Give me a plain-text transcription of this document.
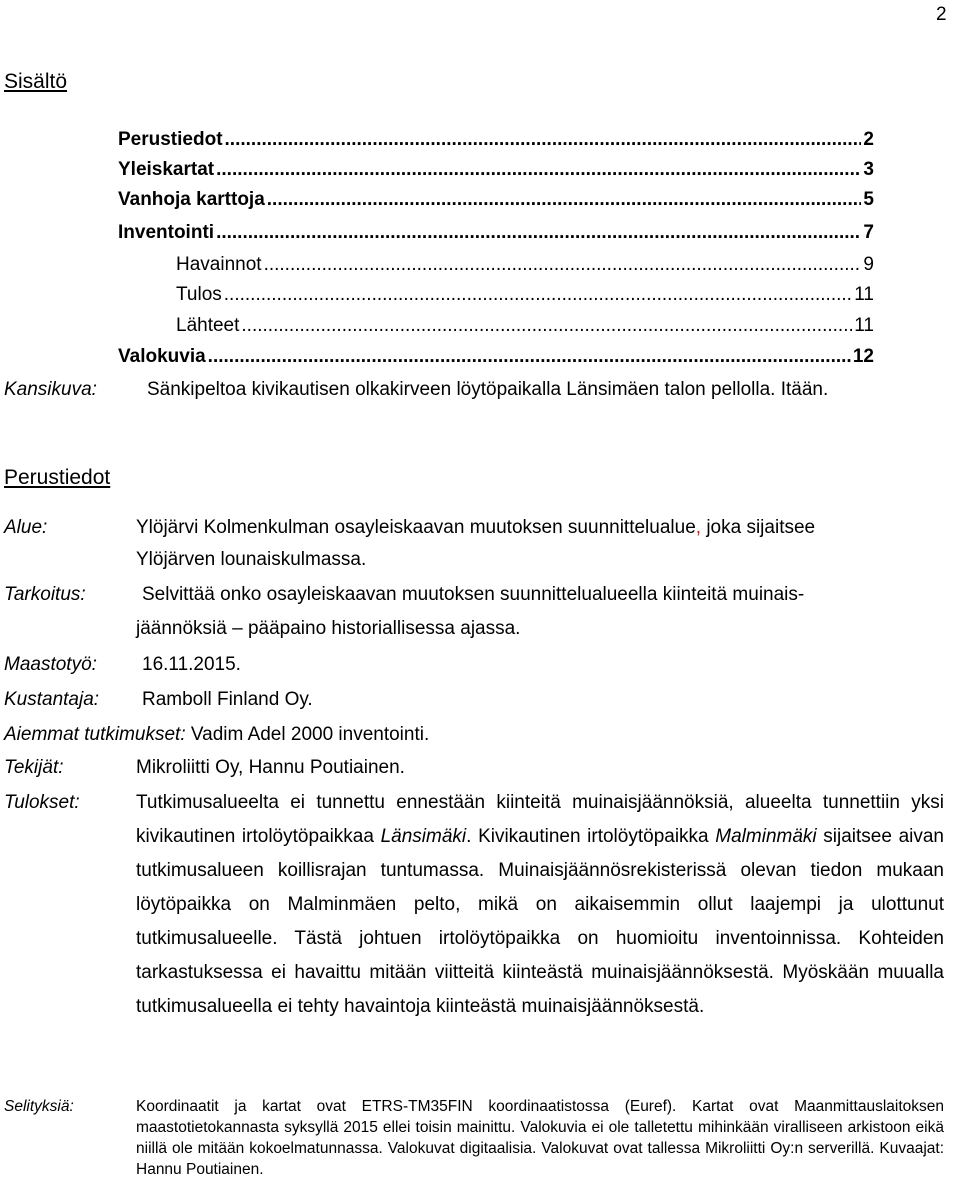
2
Sisältö
Perustiedot .....	2
Yleiskartat .....	3
Vanhoja karttoja .....	5
Inventointi .....	7
Havainnot .....	9
Tulos .....	11
Lähteet .....	11
Valokuvia .....	12
Kansikuva:	Sänkipeltoa kivikautisen olkakirveen löytöpaikalla Länsimäen talon pellolla. Itään.
Perustiedot
Alue:	Ylöjärvi Kolmenkulman osayleiskaavan muutoksen suunnittelualue, joka sijaitsee
Ylöjärven lounaiskulmassa.
Tarkoitus:	Selvittää onko osayleiskaavan muutoksen suunnittelualueella kiinteitä muinais-
jäännöksiä – pääpaino historiallisessa ajassa.
Maastotyö: 16.11.2015.
Kustantaja: Ramboll Finland Oy.
Aiemmat tutkimukset: Vadim Adel 2000 inventointi.
Tekijät:	Mikroliitti Oy, Hannu Poutiainen.
Tulokset:	Tutkimusalueelta ei tunnettu ennestään kiinteitä muinaisjäännöksiä, alueelta tunnettiin yksi kivikautinen irtolöytöpaikkaa Länsimäki. Kivikautinen irtolöytöpaikka Malminmäki sijaitsee aivan tutkimusalueen koillisrajan tuntumassa. Muinaisjäännösrekisterissä olevan tiedon mukaan löytöpaikka on Malminmäen pelto, mikä on aikaisemmin ollut laajempi ja ulottunut tutkimusalueelle. Tästä johtuen irtolöytöpaikka on huomioitu inventoinnissa. Kohteiden tarkastuksessa ei havaittu mitään viitteitä kiinteästä muinaisjäännöksestä. Myöskään muualla tutkimusalueella ei tehty havaintoja kiinteästä muinaisjäännöksestä.
Selityksiä:	Koordinaatit ja kartat ovat ETRS-TM35FIN koordinaatistossa (Euref). Kartat ovat Maanmittauslaitoksen maastotietokannasta syksyllä 2015 ellei toisin mainittu. Valokuvia ei ole talletettu mihinkään viralliseen arkistoon eikä niillä ole mitään kokoelmatunnassa. Valokuvat digitaalisia. Valokuvat ovat tallessa Mikroliitti Oy:n serverillä. Kuvaajat: Hannu Poutiainen.
